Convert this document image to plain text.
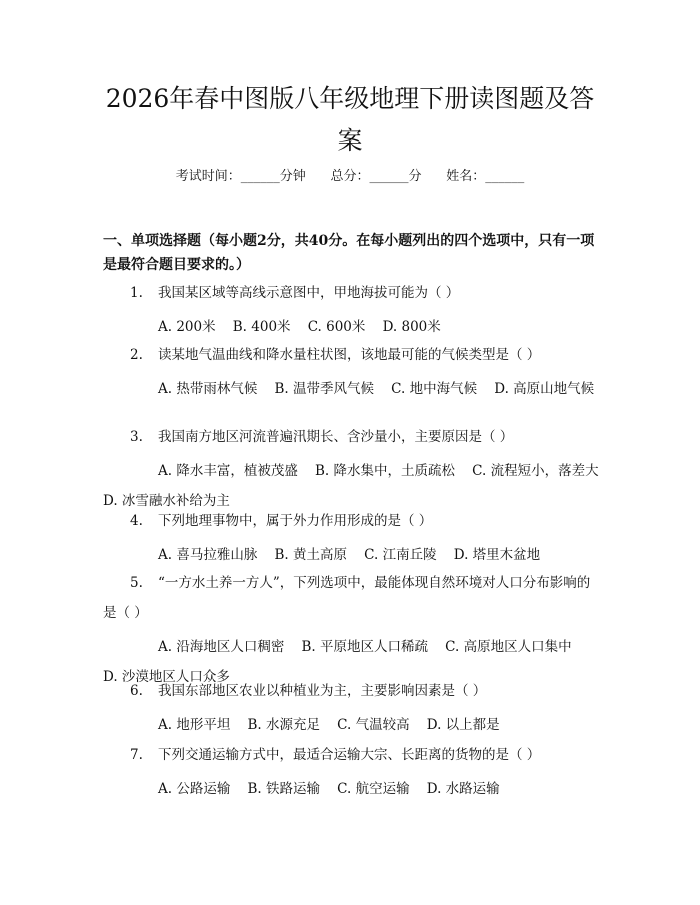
2026年春中图版八年级地理下册读图题及答案
考试时间：______分钟      总分：______分      姓名：______

一、单项选择题（每小题2分，共40分。在每小题列出的四个选项中，只有一项是最符合题目要求的。）

1. 我国某区域等高线示意图中，甲地海拔可能为（ ）

A. 200米    B. 400米    C. 600米    D. 800米

2. 读某地气温曲线和降水量柱状图，该地最可能的气候类型是（ ）

A. 热带雨林气候    B. 温带季风气候    C. 地中海气候    D. 高原山地气候

3. 我国南方地区河流普遍汛期长、含沙量小，主要原因是（ ）

A. 降水丰富，植被茂盛    B. 降水集中，土质疏松    C. 流程短小，落差大    D. 冰雪融水补给为主

4. 下列地理事物中，属于外力作用形成的是（ ）

A. 喜马拉雅山脉    B. 黄土高原    C. 江南丘陵    D. 塔里木盆地

5. “一方水土养一方人”，下列选项中，最能体现自然环境对人口分布影响的是（ ）

A. 沿海地区人口稠密    B. 平原地区人口稀疏    C. 高原地区人口集中    D. 沙漠地区人口众多

6. 我国东部地区农业以种植业为主，主要影响因素是（ ）

A. 地形平坦    B. 水源充足    C. 气温较高    D. 以上都是

7. 下列交通运输方式中，最适合运输大宗、长距离的货物的是（ ）

A. 公路运输    B. 铁路运输    C. 航空运输    D. 水路运输
